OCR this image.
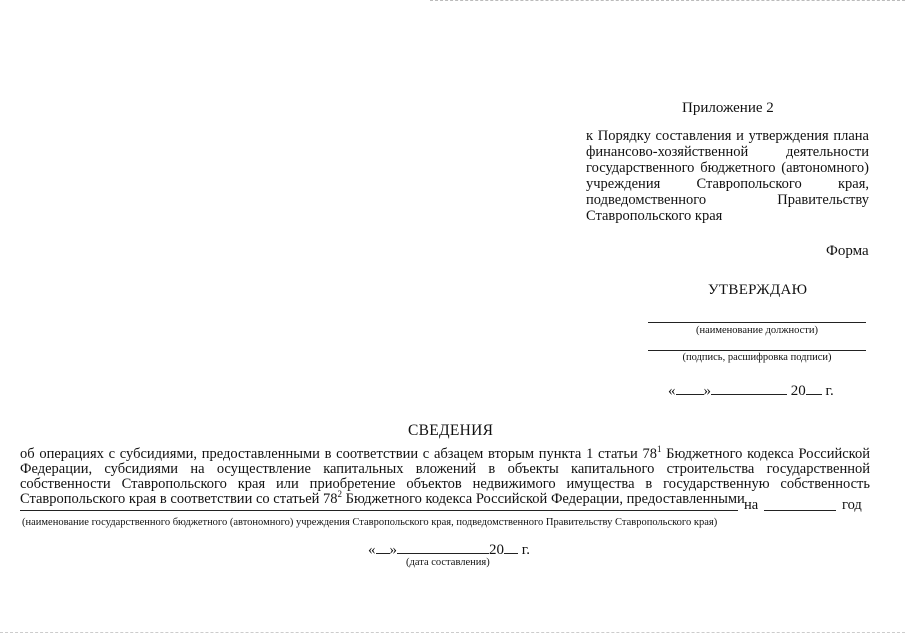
Приложение 2
к Порядку составления и утверждения плана финансово-хозяйственной деятельности государственного бюджетного (автономного) учреждения Ставропольского края, подведомственного Правительству Ставропольского края
Форма
УТВЕРЖДАЮ
(наименование должности)
(подпись, расшифровка подписи)
« »	20 г.
СВЕДЕНИЯ
об операциях с субсидиями, предоставленными в соответствии с абзацем вторым пункта 1 статьи $78^1$ Бюджетного кодекса Российской Федерации, субсидиями на осуществление капитальных вложений в объекты капитального строительства государственной собственности Ставропольского края или приобретение объектов недвижимого имущества в государственную собственность Ставропольского края в соответствии со статьей $78^2$ Бюджетного кодекса Российской Федерации, предоставленными на	год
(наименование государственного бюджетного (автономного) учреждения Ставропольского края, подведомственного Правительству Ставропольского края)
« »	20 г.
(дата составления)
